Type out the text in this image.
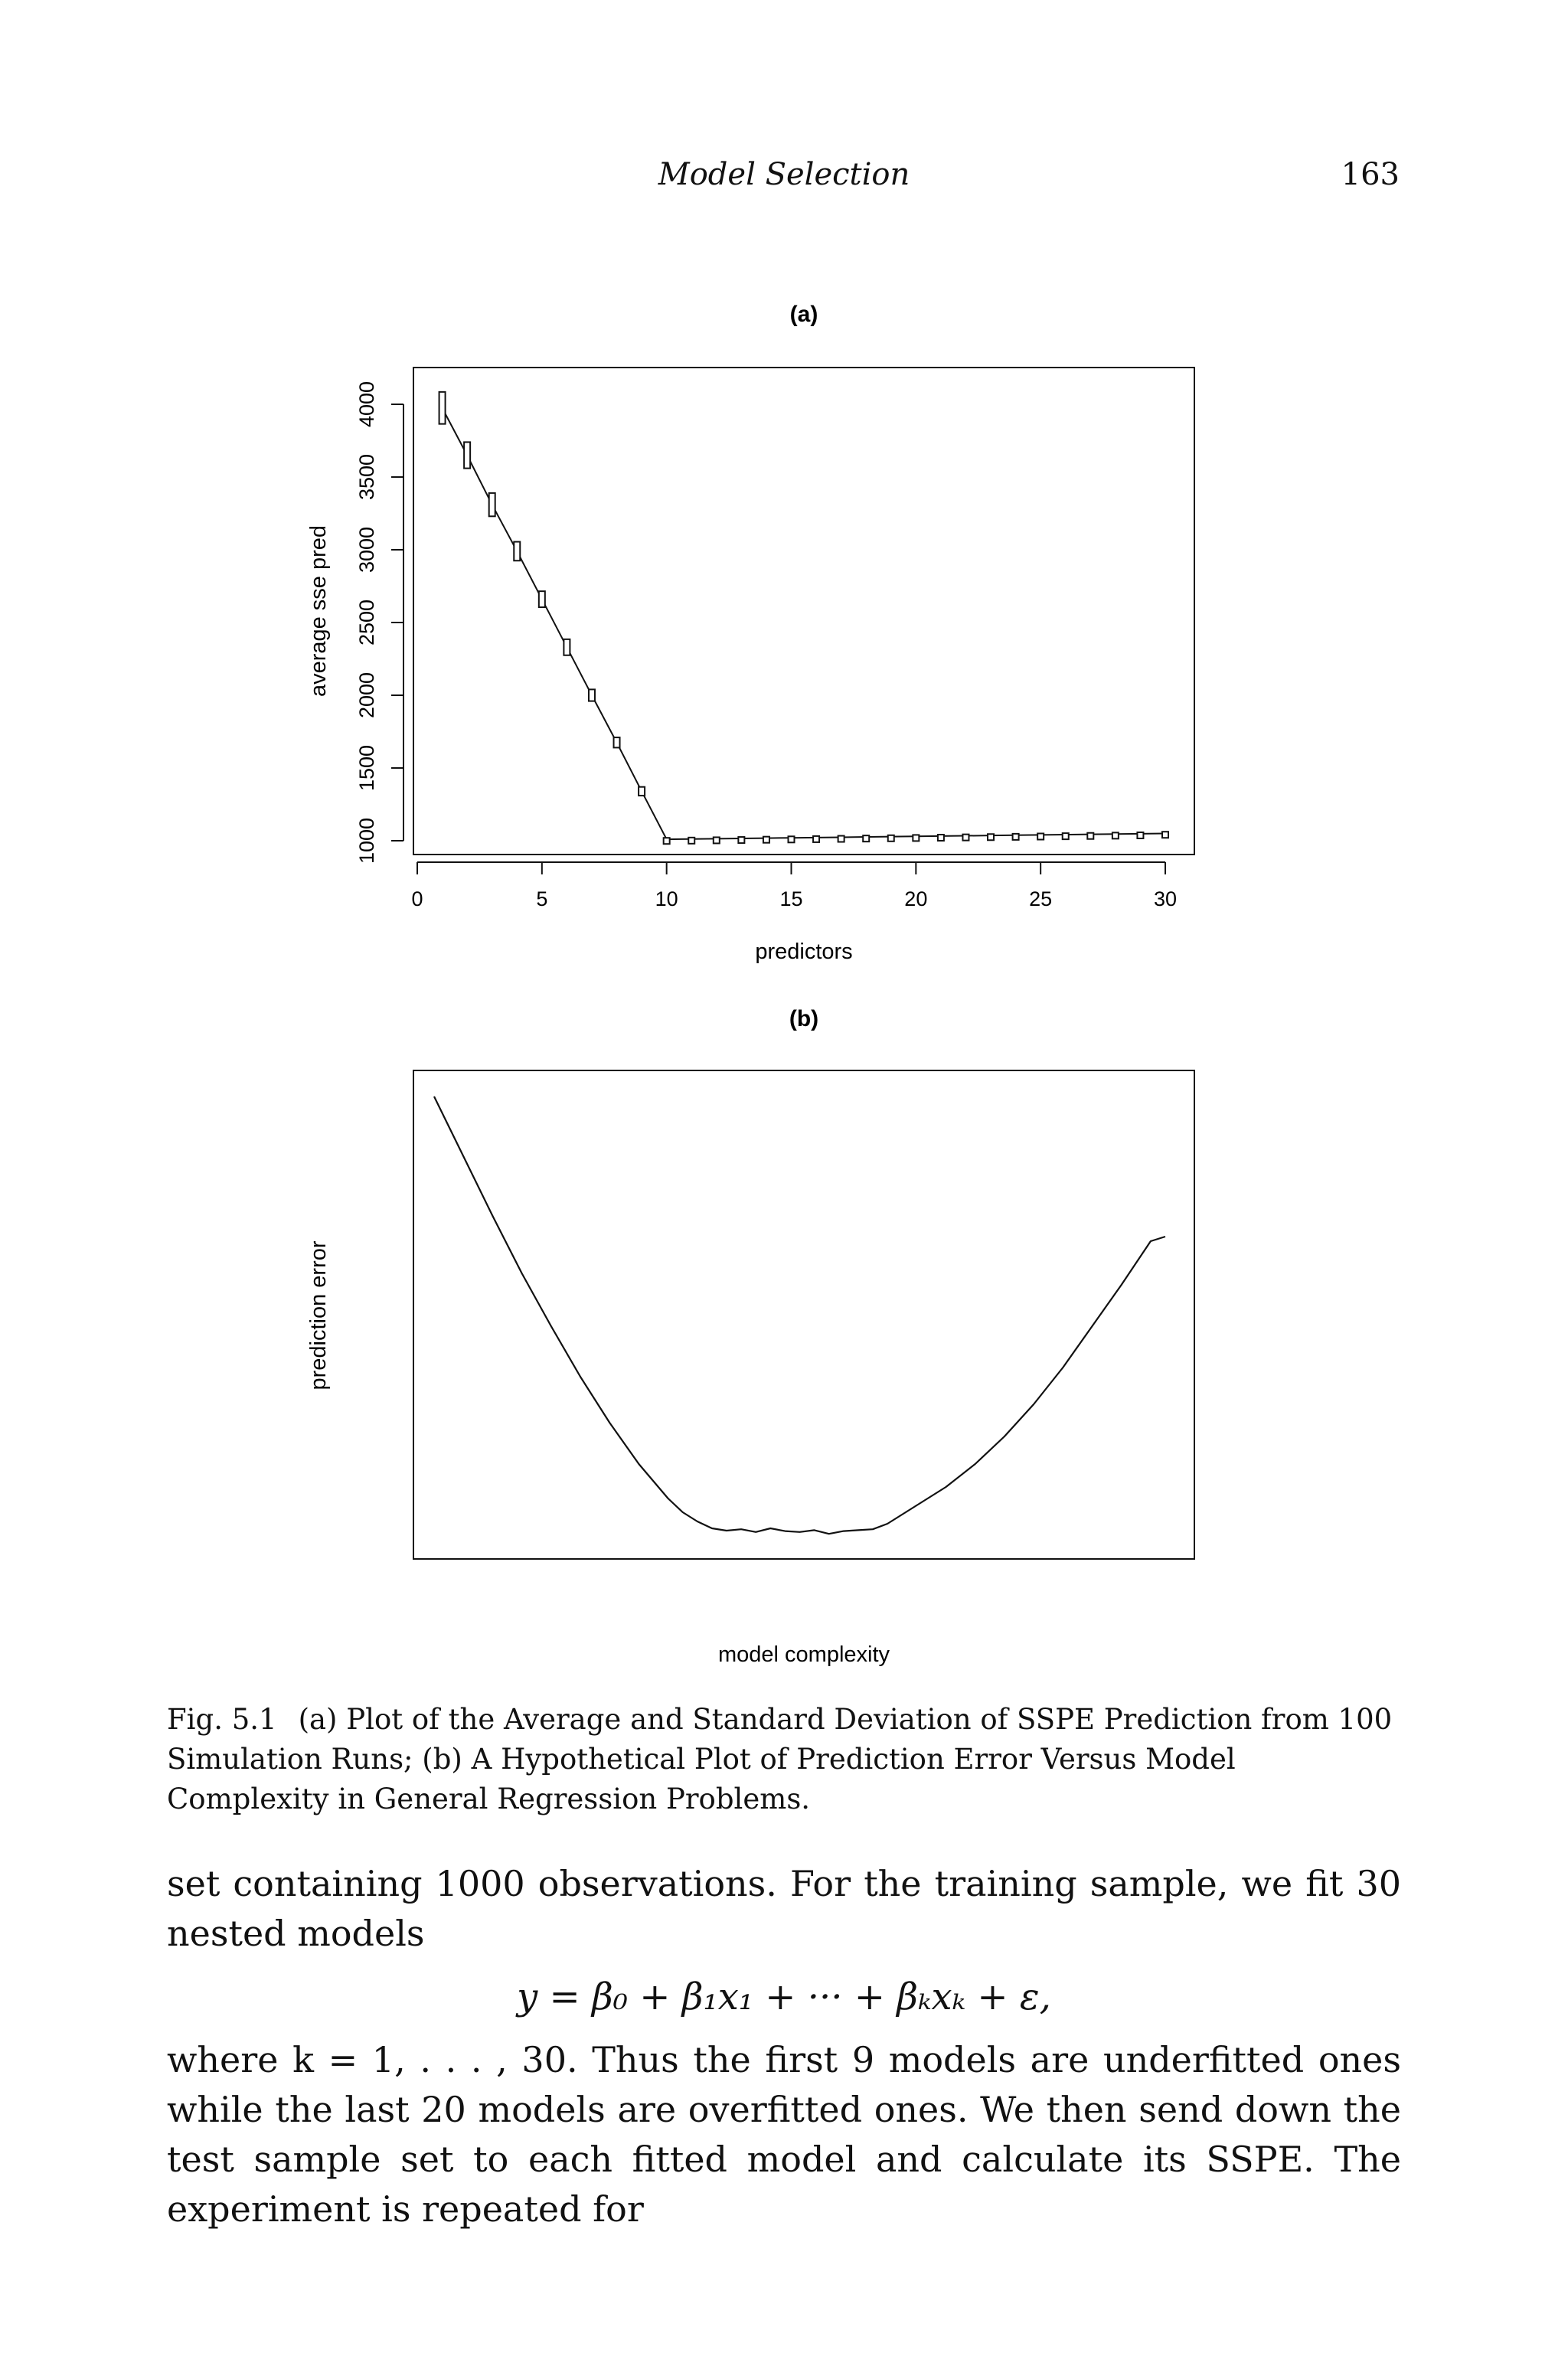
Model Selection	163
(a)
0	5	10	15	20	25	30
1000
1500
2000
2500
3000
3500
4000
predictors
average sse pred
(b)
model complexity
prediction error
Fig. 5.1 (a) Plot of the Average and Standard Deviation of SSPE Prediction from 100 Simulation Runs; (b) A Hypothetical Plot of Prediction Error Versus Model Complexity in General Regression Problems.

set containing 1000 observations. For the training sample, we fit 30 nested models

y = β₀ + β₁x₁ + ··· + βₖxₖ + ε,

where k = 1, . . . , 30. Thus the first 9 models are underfitted ones while the last 20 models are overfitted ones. We then send down the test sample set to each fitted model and calculate its SSPE. The experiment is repeated for
